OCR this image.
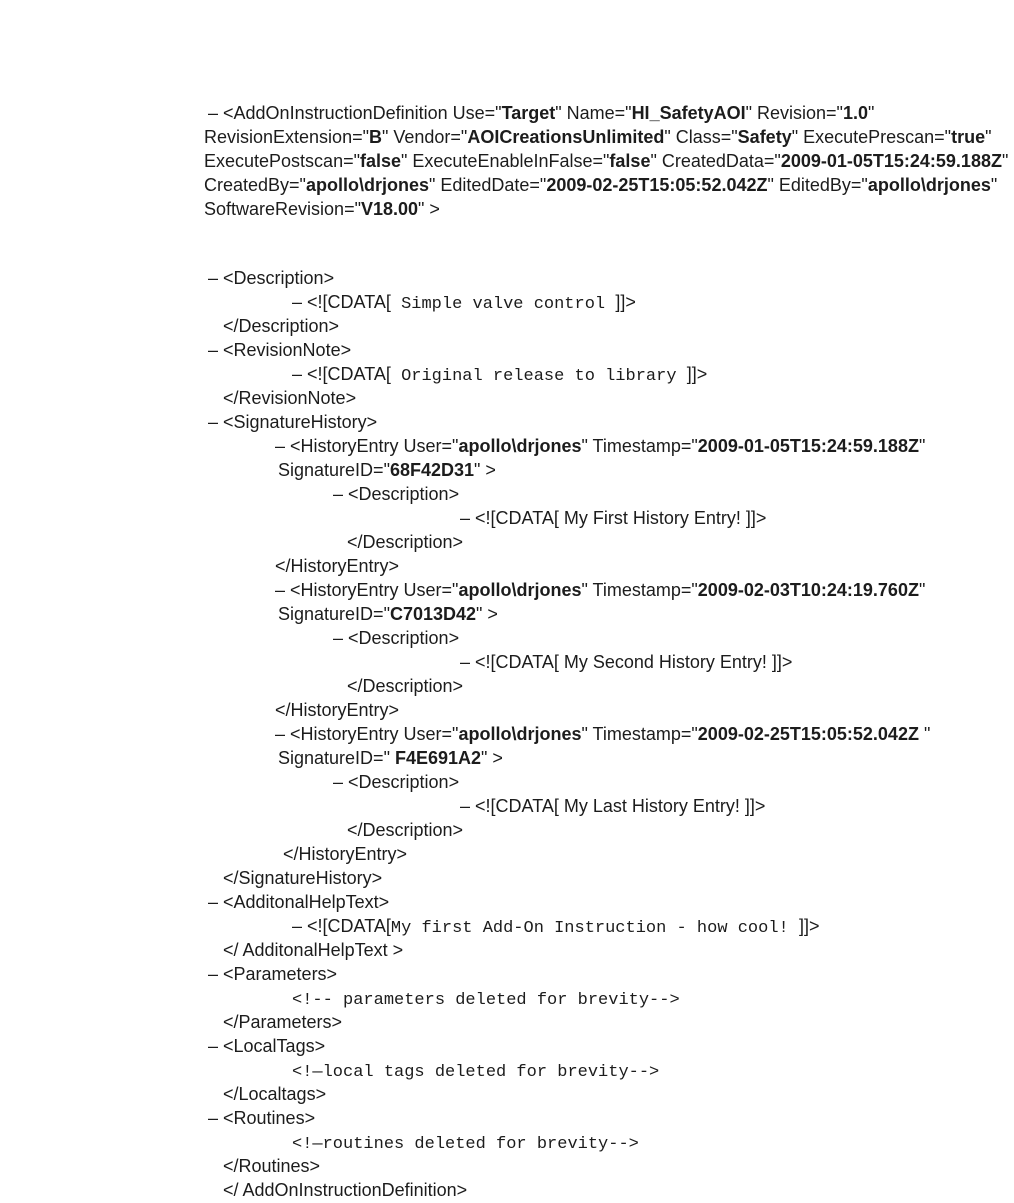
– <AddOnInstructionDefinition Use="Target" Name="HI_SafetyAOI" Revision="1.0"
RevisionExtension="B" Vendor="AOICreationsUnlimited" Class="Safety" ExecutePrescan="true"
ExecutePostscan="false" ExecuteEnableInFalse="false" CreatedData="2009-01-05T15:24:59.188Z"
CreatedBy="apollo\drjones" EditedDate="2009-02-25T15:05:52.042Z" EditedBy="apollo\drjones"
SoftwareRevision="V18.00" >
– <Description>
– <![CDATA[ Simple valve control ]]>
</Description>
– <RevisionNote>
– <![CDATA[ Original release to library ]]>
</RevisionNote>
– <SignatureHistory>
– <HistoryEntry User="apollo\drjones" Timestamp="2009-01-05T15:24:59.188Z"
SignatureID="68F42D31" >
– <Description>
– <![CDATA[ My First History Entry! ]]>
</Description>
</HistoryEntry>
– <HistoryEntry User="apollo\drjones" Timestamp="2009-02-03T10:24:19.760Z"
SignatureID="C7013D42" >
– <Description>
– <![CDATA[ My Second History Entry! ]]>
</Description>
</HistoryEntry>
– <HistoryEntry User="apollo\drjones" Timestamp="2009-02-25T15:05:52.042Z "
SignatureID=" F4E691A2" >
– <Description>
– <![CDATA[ My Last History Entry! ]]>
</Description>
</HistoryEntry>
</SignatureHistory>
– <AdditonalHelpText>
– <![CDATA[My first Add-On Instruction - how cool! ]]>
</ AdditonalHelpText >
– <Parameters>
<!-- parameters deleted for brevity-->
</Parameters>
– <LocalTags>
<!—local tags deleted for brevity-->
</Localtags>
– <Routines>
<!—routines deleted for brevity-->
</Routines>
</ AddOnInstructionDefinition>
